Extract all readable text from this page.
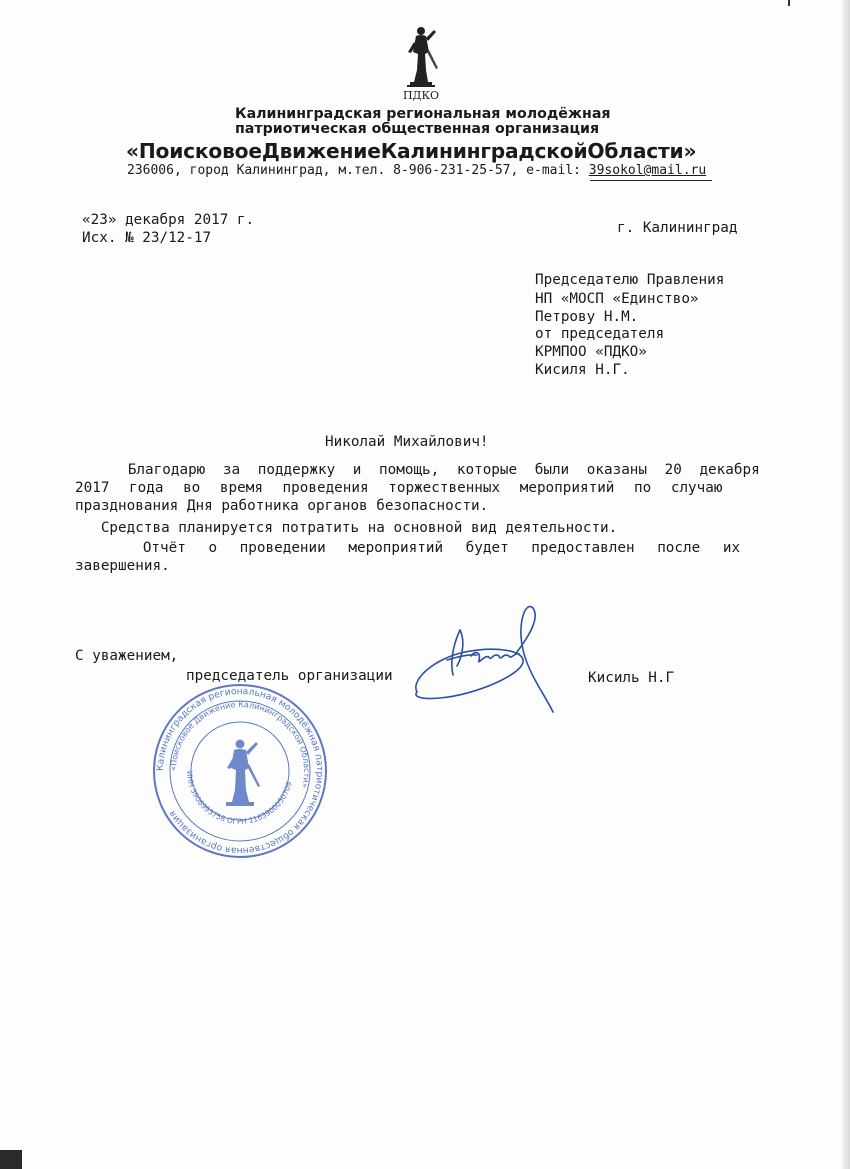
ПДКО
Калининградская региональная молодёжная
патриотическая общественная организация
«ПоисковоеДвижениеКалининградскойОбласти»
236006, город Калининград, м.тел. 8-906-231-25-57, e-mail: 39sokol@mail.ru
«23» декабря 2017 г.
Исх. № 23/12-17
г. Калининград
Председателю Правления
НП «МОСП «Единство»
Петрову Н.М.
от председателя
КРМПОО «ПДКО»
Кисиля Н.Г.
Николай Михайлович!
Благодарю за поддержку и помощь, которые были оказаны 20 декабря
2017 года во время проведения торжественных мероприятий по случаю
празднования Дня работника органов безопасности.
Средства планируется потратить на основной вид деятельности.
Отчёт о проведении мероприятий будет предоставлен после их
завершения.
С уважением,
председатель организации	Кисиль Н.Г
Калининградская региональная молодёжная патриотическая общественная организация
«Поисковое Движение Калининградской Области»
ИНН 3906993758 ОГРН 1163900050709
